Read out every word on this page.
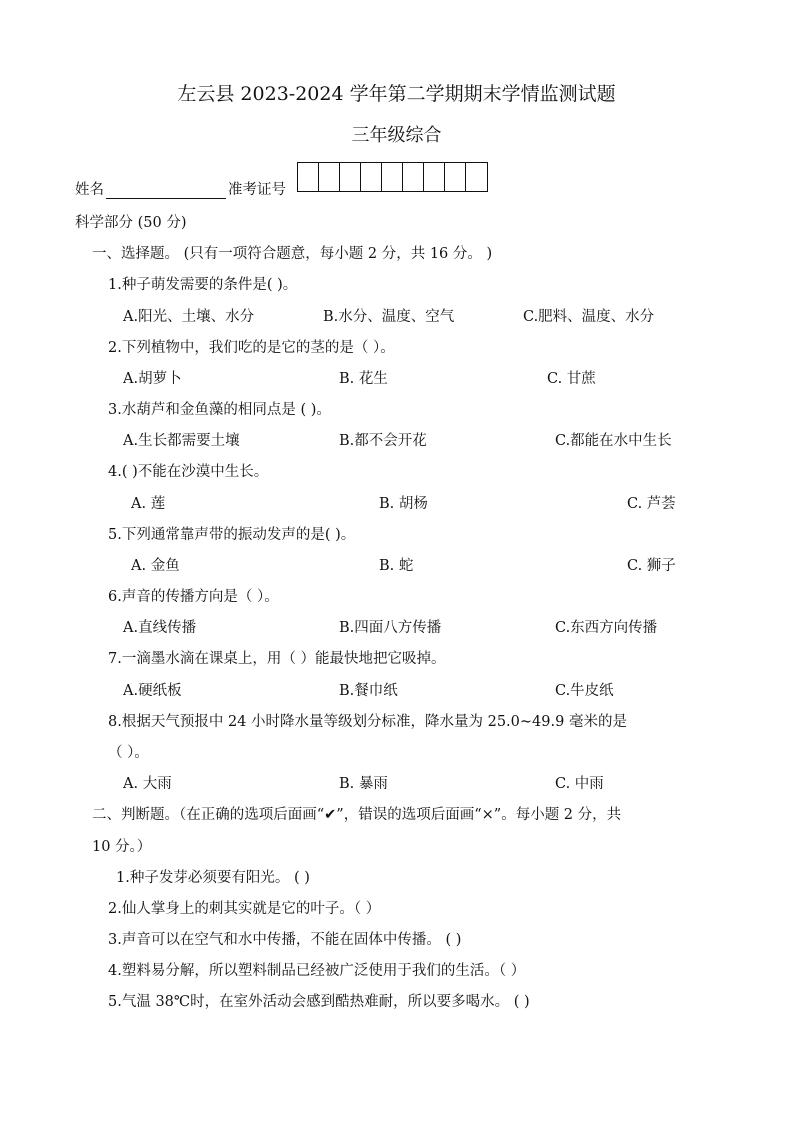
左云县 2023-2024 学年第二学期期末学情监测试题
三年级综合
姓名	准考证号
科学部分 (50 分)
一、选择题。 (只有一项符合题意，每小题 2 分，共 16 分。 )
1.种子萌发需要的条件是( )。
A.阳光、土壤、水分	B.水分、温度、空气	C.肥料、温度、水分
2.下列植物中，我们吃的是它的茎的是（ ）。
A.胡萝卜	B. 花生	C. 甘蔗
3.水葫芦和金鱼藻的相同点是 ( )。
A.生长都需要土壤	B.都不会开花	C.都能在水中生长
4.( )不能在沙漠中生长。
A. 莲	B. 胡杨	C. 芦荟
5.下列通常靠声带的振动发声的是( )。
A. 金鱼	B. 蛇	C. 狮子
6.声音的传播方向是（ ）。
A.直线传播	B.四面八方传播	C.东西方向传播
7.一滴墨水滴在课桌上，用（ ）能最快地把它吸掉。
A.硬纸板	B.餐巾纸	C.牛皮纸
8.根据天气预报中 24 小时降水量等级划分标准，降水量为 25.0~49.9 毫米的是
（ ）。
A. 大雨	B. 暴雨	C. 中雨
二、判断题。（在正确的选项后面画“✔”，错误的选项后面画“×”。每小题 2 分，共
10 分。）
1.种子发芽必须要有阳光。 ( )
2.仙人掌身上的刺其实就是它的叶子。（ ）
3.声音可以在空气和水中传播，不能在固体中传播。 ( )
4.塑料易分解，所以塑料制品已经被广泛使用于我们的生活。（ ）
5.气温 38℃时，在室外活动会感到酷热难耐，所以要多喝水。 ( )
